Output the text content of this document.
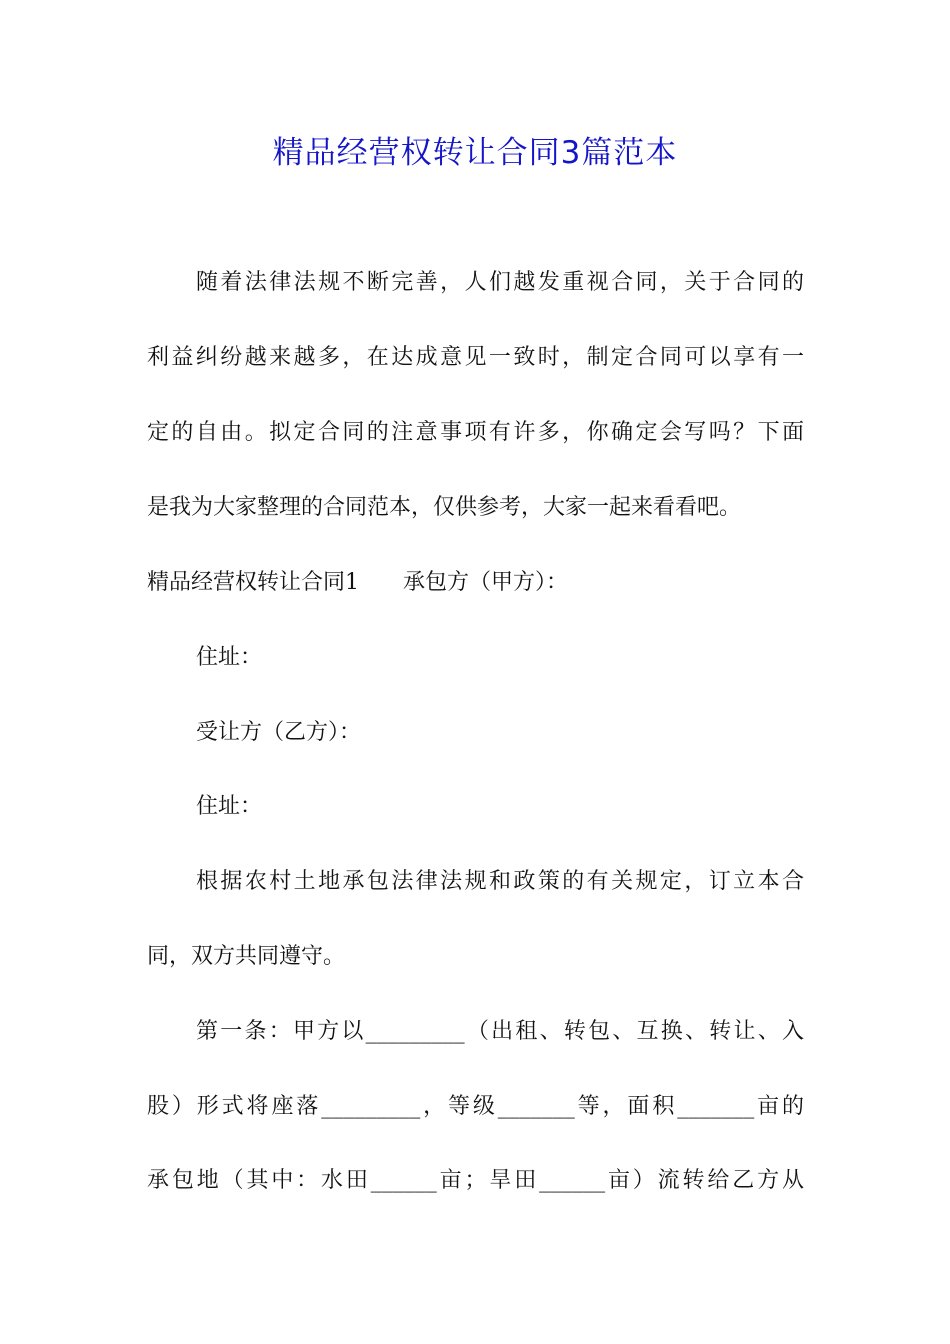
精品经营权转让合同3篇范本
随着法律法规不断完善，人们越发重视合同，关于合同的
利益纠纷越来越多，在达成意见一致时，制定合同可以享有一
定的自由。拟定合同的注意事项有许多，你确定会写吗？下面
是我为大家整理的合同范本，仅供参考，大家一起来看看吧。
精品经营权转让合同1　　承包方（甲方）：
住址：
受让方（乙方）：
住址：
根据农村土地承包法律法规和政策的有关规定，订立本合
同，双方共同遵守。
第一条：甲方以_________（出租、转包、互换、转让、入
股）形式将座落_________，等级_______等，面积_______亩的
承包地（其中：水田______亩；旱田______亩）流转给乙方从
